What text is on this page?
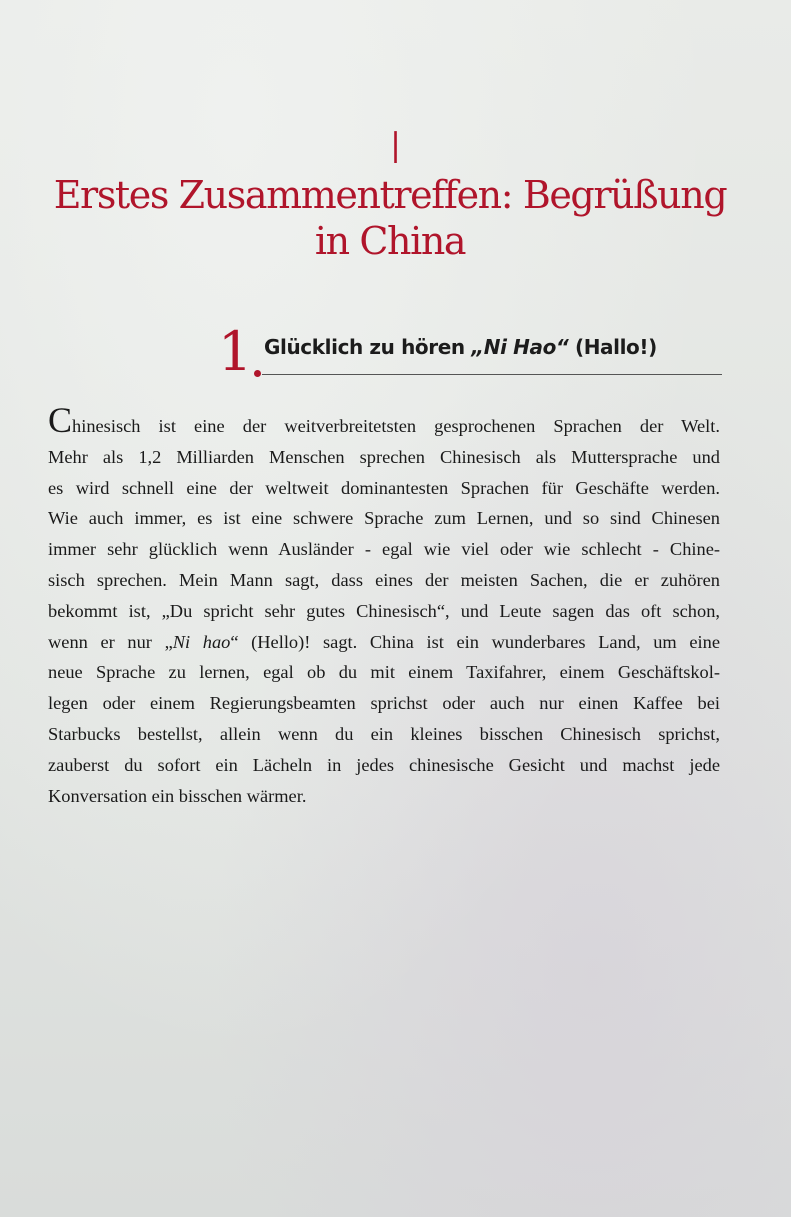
I
Erstes Zusammentreffen: Begrüßung in China
1 Glücklich zu hören „Ni Hao“ (Hallo!)
Chinesisch ist eine der weitverbreitetsten gesprochenen Sprachen der Welt.
Mehr als 1,2 Milliarden Menschen sprechen Chinesisch als Muttersprache und
es wird schnell eine der weltweit dominantesten Sprachen für Geschäfte werden.
Wie auch immer, es ist eine schwere Sprache zum Lernen, und so sind Chinesen
immer sehr glücklich wenn Ausländer - egal wie viel oder wie schlecht - Chine-
sisch sprechen. Mein Mann sagt, dass eines der meisten Sachen, die er zuhören
bekommt ist, „Du spricht sehr gutes Chinesisch“, und Leute sagen das oft schon,
wenn er nur „Ni hao“ (Hello)! sagt. China ist ein wunderbares Land, um eine
neue Sprache zu lernen, egal ob du mit einem Taxifahrer, einem Geschäftskol-
legen oder einem Regierungsbeamten sprichst oder auch nur einen Kaffee bei
Starbucks bestellst, allein wenn du ein kleines bisschen Chinesisch sprichst,
zauberst du sofort ein Lächeln in jedes chinesische Gesicht und machst jede
Konversation ein bisschen wärmer.
